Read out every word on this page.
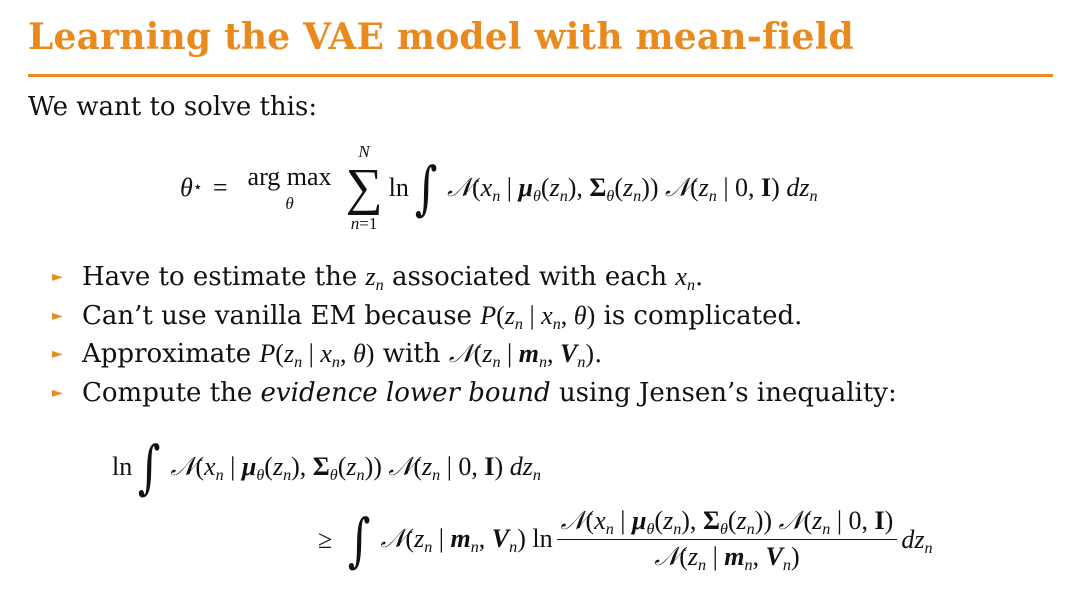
Learning the VAE model with mean-field
We want to solve this:
θ ⋆ = arg max
θ
N
∑
n=1
ln ∫ $𝒩(x_n$ | $\mu_\theta(z_n)$, $\Sigma_\theta(z_n)$) $𝒩(z_n$ | 0, I) $dz_n$
► Have to estimate the
$z_n$
associated with each
$x_n$ .
► Can’t use vanilla EM because
$P(z_n$ | $x_n$, θ)
is complicated.
► Approximate
$P(z_n$ | $x_n$, θ)
with
$𝒩(z_n$ | $m_n$, $V_n$) .
► Compute the
evidence lower bound
using Jensen’s inequality:
ln ∫ $𝒩(x_n$ | $\mu_\theta(z_n)$, $\Sigma_\theta(z_n)$) $𝒩(z_n$ | 0, I) $dz_n$
≥ ∫ $𝒩(z_n$ | $m_n$, $V_n$) $\ln \frac{𝒩(x_n | \mu_\theta(z_n), \Sigma_\theta(z_n)) 𝒩(z_n | 0, I)}{𝒩(z_n | m_n, V_n)} dz_n$
